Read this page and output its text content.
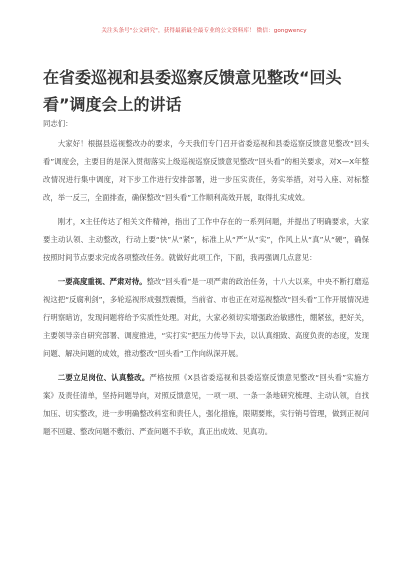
关注头条号"公文研究"，获得最新最全最专业的公文资料库！ 微信：gongwency
在省委巡视和县委巡察反馈意见整改“回头看”调度会上的讲话

同志们：

大家好！根据县巡视整改办的要求，今天我们专门召开省委巡视和县委巡察反馈意见整改“回头看”调度会，主要目的是深入贯彻落实上级巡视巡察反馈意见整改“回头看”的相关要求，对X—X年整改情况进行集中调度，对下步工作进行安排部署，进一步压实责任，务实举措，对号入座、对标整改，举一反三，全面排查，确保整改“回头看”工作顺利高效开展，取得扎实成效。

刚才，X主任传达了相关文件精神，指出了工作中存在的一系列问题，并提出了明确要求，大家要主动认领、主动整改，行动上要“快”从“紧”，标准上从“严”从“实”，作风上从“真”从“硬”，确保按照时间节点要求完成各项整改任务。就做好此项工作，下面，我再强调几点意见：

一要高度重视、严肃对待。整改“回头看”是一项严肃的政治任务，十八大以来，中央不断打磨巡视这把“反腐利剑”，多轮巡视形成强烈震慑，当前省、市也正在对巡视整改“回头看”工作开展情况进行明察暗访，发现问题将给予实质性处理。对此，大家必须切实增强政治敏感性，绷紧弦，把好关，主要领导亲自研究部署、调度推进，“实打实”把压力传导下去，以认真细致、高度负责的态度，发现问题、解决问题的成效，推动整改“回头看”工作向纵深开展。

二要立足岗位、认真整改。严格按照《X县省委巡视和县委巡察反馈意见整改“回头看”实施方案》及责任清单，坚持问题导向，对照反馈意见，一项一项、一条一条地研究梳理、主动认领，自找加压、切实整改，进一步明确整改科室和责任人，强化措施，限期要账，实行销号管理，做到正视问题不回避、整改问题不敷衍、严查问题不手软，真正出成效、见真功。
